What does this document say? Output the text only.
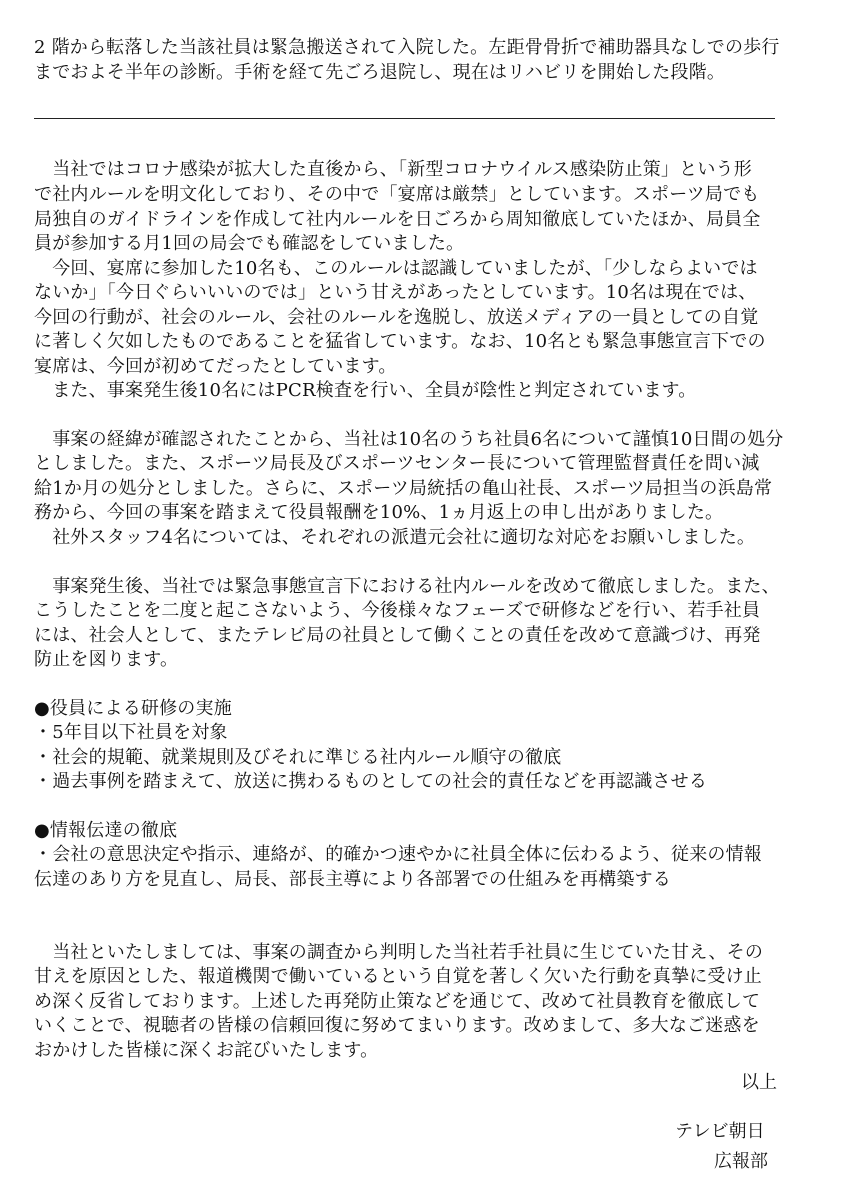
2 階から転落した当該社員は緊急搬送されて入院した。左距骨骨折で補助器具なしでの歩行
までおよそ半年の診断。手術を経て先ごろ退院し、現在はリハビリを開始した段階。
　当社ではコロナ感染が拡大した直後から、「新型コロナウイルス感染防止策」という形
で社内ルールを明文化しており、その中で「宴席は厳禁」としています。スポーツ局でも
局独自のガイドラインを作成して社内ルールを日ごろから周知徹底していたほか、局員全
員が参加する月1回の局会でも確認をしていました。
　今回、宴席に参加した10名も、このルールは認識していましたが、「少しならよいでは
ないか」「今日ぐらいいいのでは」という甘えがあったとしています。10名は現在では、
今回の行動が、社会のルール、会社のルールを逸脱し、放送メディアの一員としての自覚
に著しく欠如したものであることを猛省しています。なお、10名とも緊急事態宣言下での
宴席は、今回が初めてだったとしています。
　また、事案発生後10名にはPCR検査を行い、全員が陰性と判定されています。
　事案の経緯が確認されたことから、当社は10名のうち社員6名について謹慎10日間の処分
としました。また、スポーツ局長及びスポーツセンター長について管理監督責任を問い減
給1か月の処分としました。さらに、スポーツ局統括の亀山社長、スポーツ局担当の浜島常
務から、今回の事案を踏まえて役員報酬を10%、1ヵ月返上の申し出がありました。
　社外スタッフ4名については、それぞれの派遣元会社に適切な対応をお願いしました。
　事案発生後、当社では緊急事態宣言下における社内ルールを改めて徹底しました。また、
こうしたことを二度と起こさないよう、今後様々なフェーズで研修などを行い、若手社員
には、社会人として、またテレビ局の社員として働くことの責任を改めて意識づけ、再発
防止を図ります。
●役員による研修の実施
・5年目以下社員を対象
・社会的規範、就業規則及びそれに準じる社内ルール順守の徹底
・過去事例を踏まえて、放送に携わるものとしての社会的責任などを再認識させる
●情報伝達の徹底
・会社の意思決定や指示、連絡が、的確かつ速やかに社員全体に伝わるよう、従来の情報
伝達のあり方を見直し、局長、部長主導により各部署での仕組みを再構築する
　当社といたしましては、事案の調査から判明した当社若手社員に生じていた甘え、その
甘えを原因とした、報道機関で働いているという自覚を著しく欠いた行動を真摯に受け止
め深く反省しております。上述した再発防止策などを通じて、改めて社員教育を徹底して
いくことで、視聴者の皆様の信頼回復に努めてまいります。改めまして、多大なご迷惑を
おかけした皆様に深くお詫びいたします。
以上
テレビ朝日
広報部
